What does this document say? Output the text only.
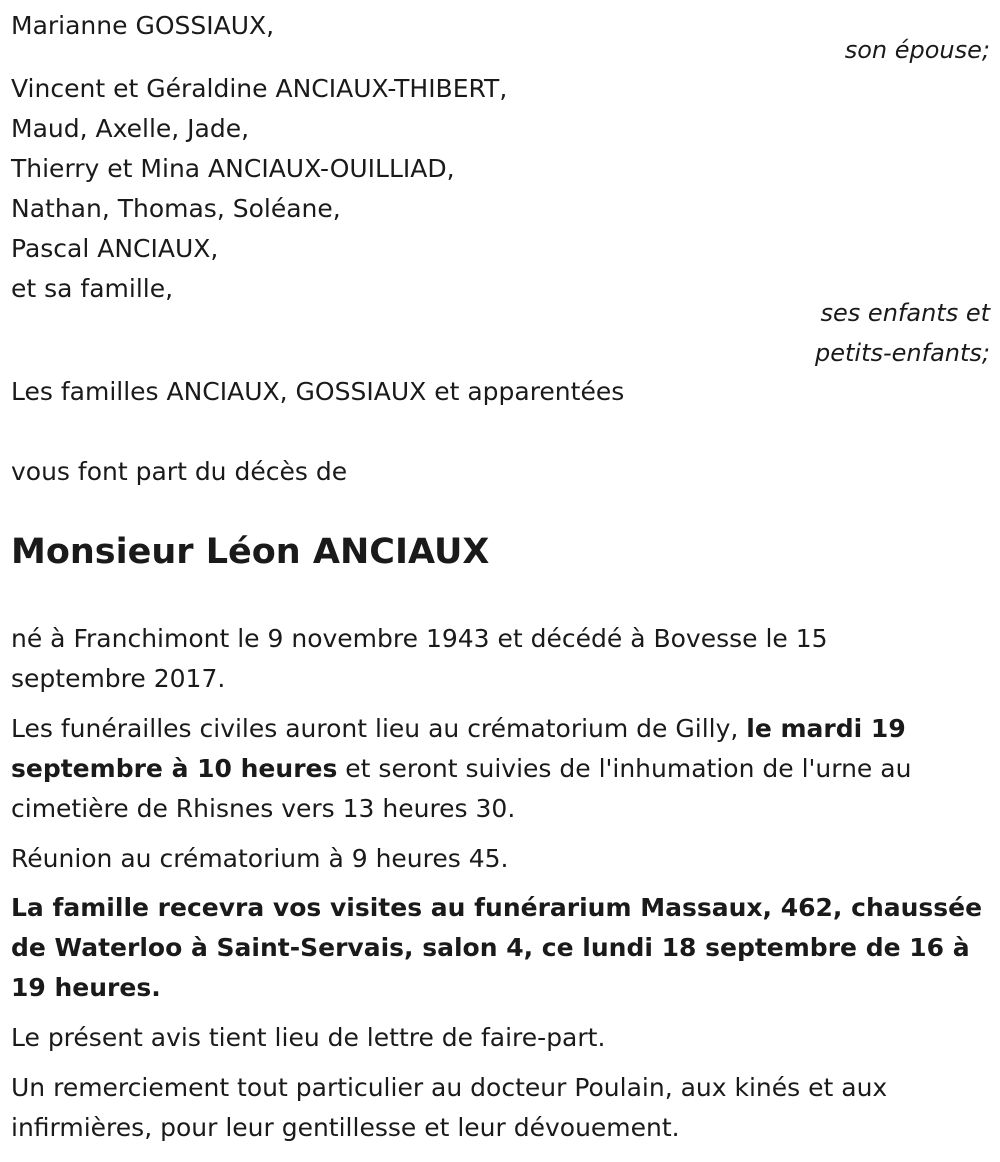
Marianne GOSSIAUX,
son épouse;
Vincent et Géraldine ANCIAUX-THIBERT,
Maud, Axelle, Jade,
Thierry et Mina ANCIAUX-OUILLIAD,
Nathan, Thomas, Soléane,
Pascal ANCIAUX,
et sa famille,
ses enfants et
petits-enfants;
Les familles ANCIAUX, GOSSIAUX et apparentées
vous font part du décès de
Monsieur Léon ANCIAUX
né à Franchimont le 9 novembre 1943 et décédé à Bovesse le 15
septembre 2017.
Les funérailles civiles auront lieu au crématorium de Gilly, le mardi 19 septembre à 10 heures et seront suivies de l'inhumation de l'urne au cimetière de Rhisnes vers 13 heures 30.
Réunion au crématorium à 9 heures 45.
La famille recevra vos visites au funérarium Massaux, 462, chaussée de Waterloo à Saint-Servais, salon 4, ce lundi 18 septembre de 16 à 19 heures.
Le présent avis tient lieu de lettre de faire-part.
Un remerciement tout particulier au docteur Poulain, aux kinés et aux infirmières, pour leur gentillesse et leur dévouement.
